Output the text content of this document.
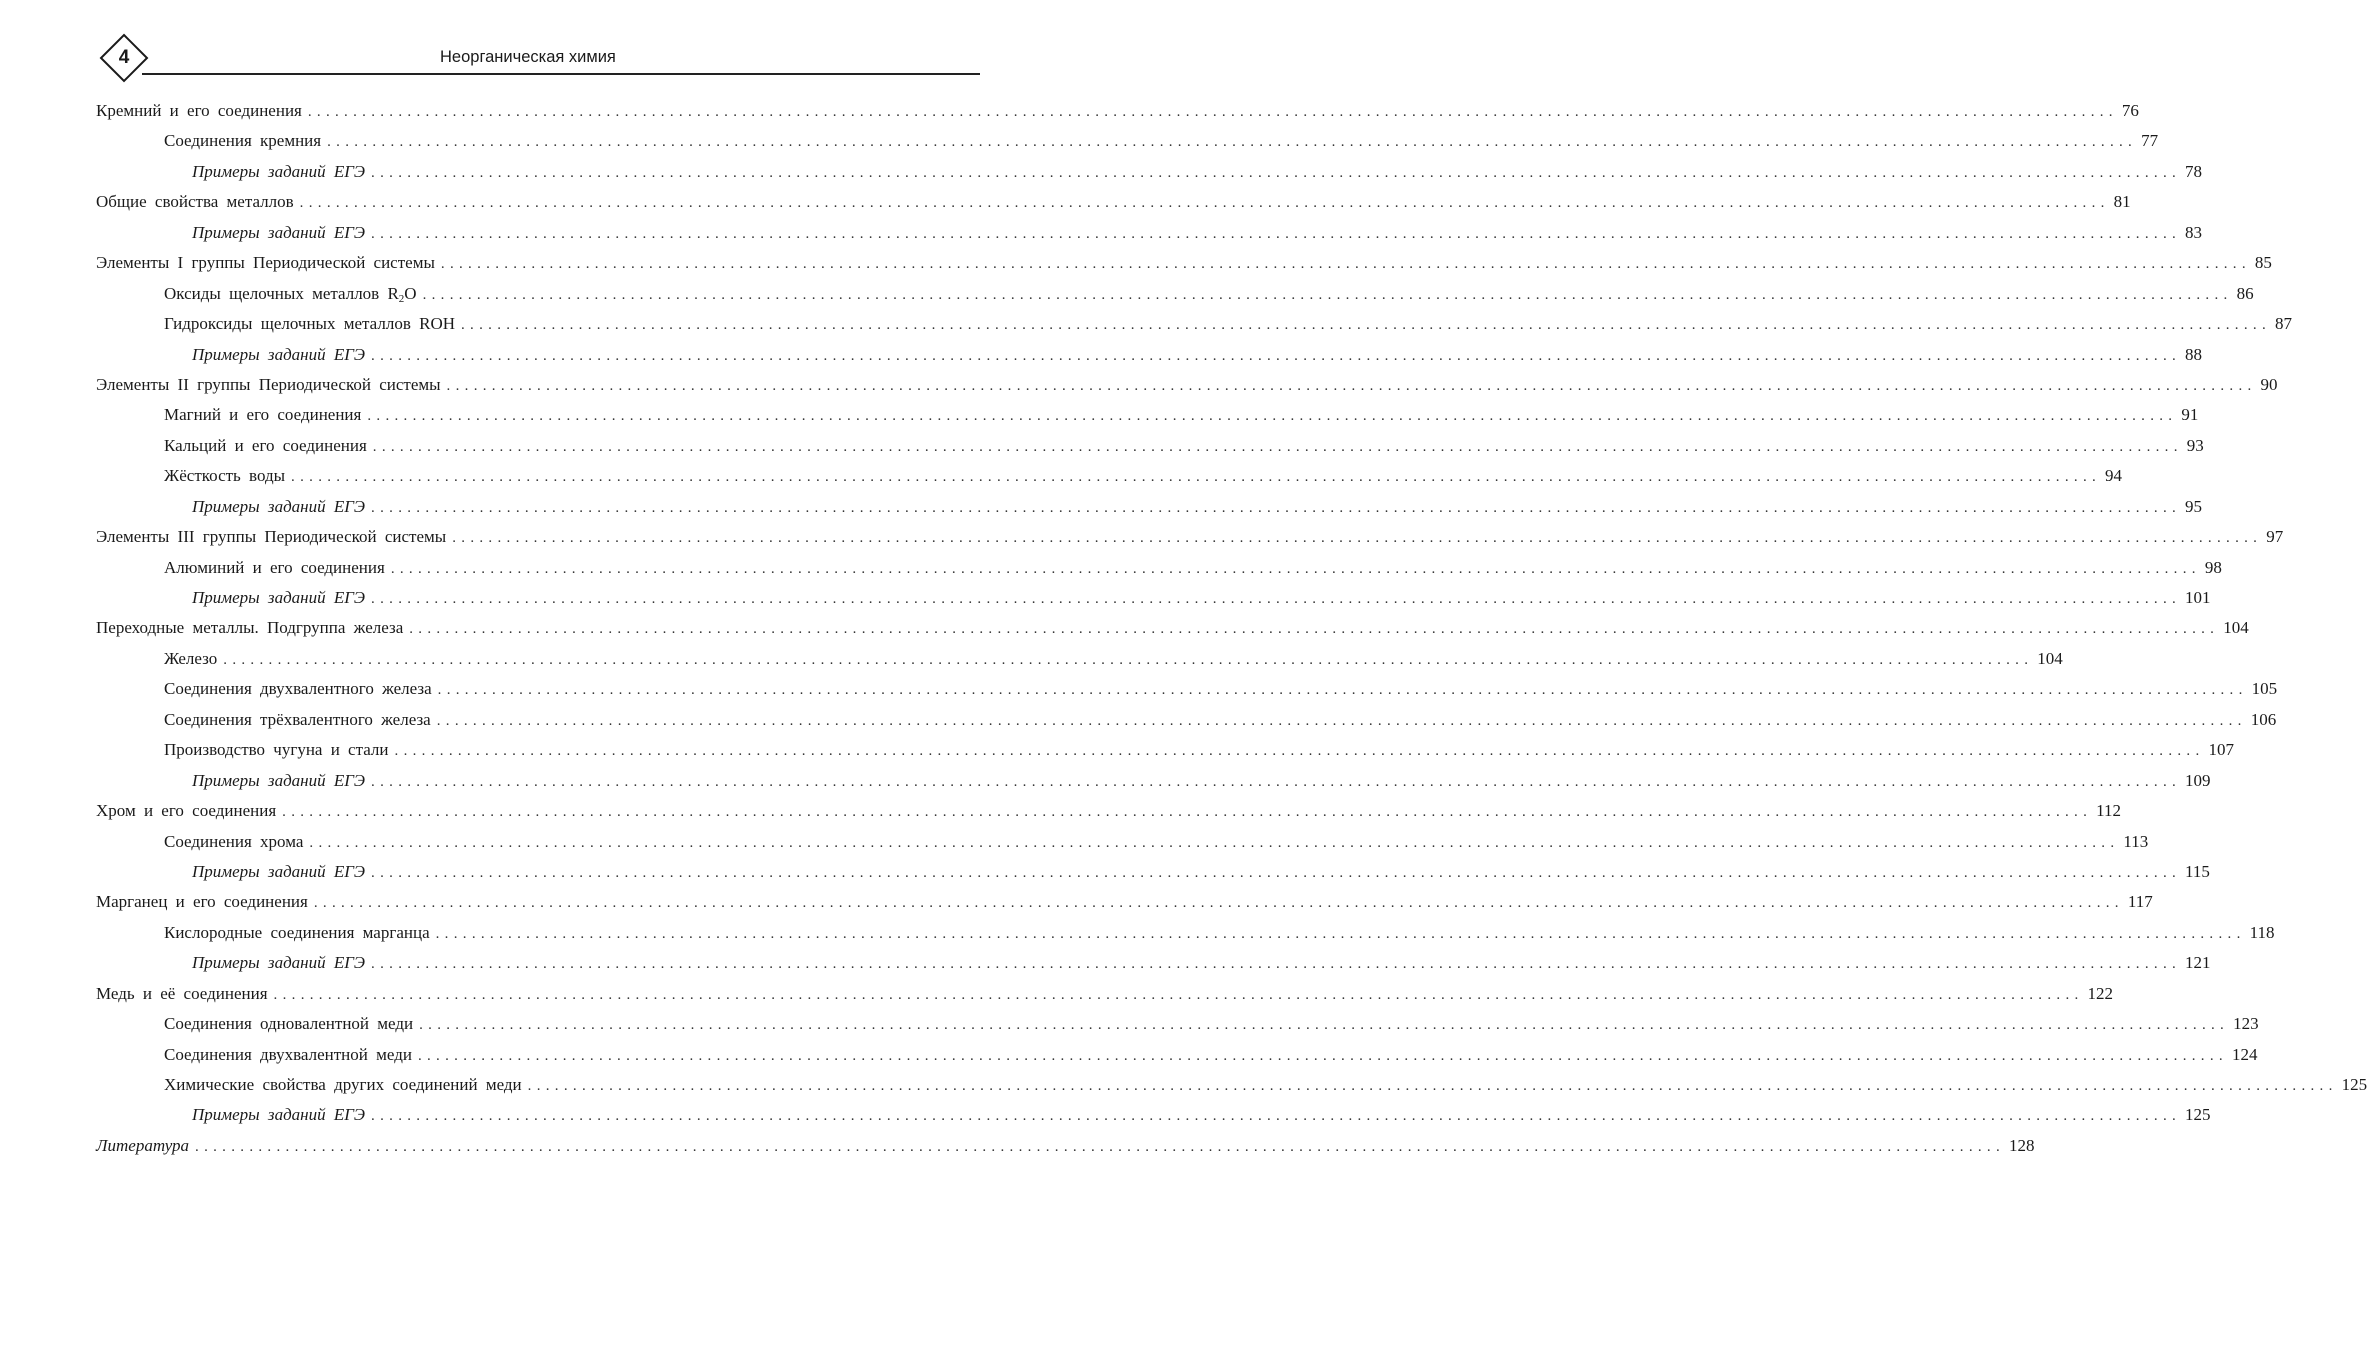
4	Неорганическая химия
Кремний и его соединения ........................................................................................................................................................................................................ 76
Соединения кремния ........................................................................................................................................................................................................ 77
Примеры заданий ЕГЭ ........................................................................................................................................................................................................ 78
Общие свойства металлов ........................................................................................................................................................................................................ 81
Примеры заданий ЕГЭ ........................................................................................................................................................................................................ 83
Элементы I группы Периодической системы ........................................................................................................................................................................................................ 85
Оксиды щелочных металлов $R_2O$ ........................................................................................................................................................................................................ 86
Гидроксиды щелочных металлов ROH ........................................................................................................................................................................................................ 87
Примеры заданий ЕГЭ ........................................................................................................................................................................................................ 88
Элементы II группы Периодической системы ........................................................................................................................................................................................................ 90
Магний и его соединения ........................................................................................................................................................................................................ 91
Кальций и его соединения ........................................................................................................................................................................................................ 93
Жёсткость воды ........................................................................................................................................................................................................ 94
Примеры заданий ЕГЭ ........................................................................................................................................................................................................ 95
Элементы III группы Периодической системы ........................................................................................................................................................................................................ 97
Алюминий и его соединения ........................................................................................................................................................................................................ 98
Примеры заданий ЕГЭ ........................................................................................................................................................................................................ 101
Переходные металлы. Подгруппа железа ........................................................................................................................................................................................................ 104
Железо ........................................................................................................................................................................................................ 104
Соединения двухвалентного железа ........................................................................................................................................................................................................ 105
Соединения трёхвалентного железа ........................................................................................................................................................................................................ 106
Производство чугуна и стали ........................................................................................................................................................................................................ 107
Примеры заданий ЕГЭ ........................................................................................................................................................................................................ 109
Хром и его соединения ........................................................................................................................................................................................................ 112
Соединения хрома ........................................................................................................................................................................................................ 113
Примеры заданий ЕГЭ ........................................................................................................................................................................................................ 115
Марганец и его соединения ........................................................................................................................................................................................................ 117
Кислородные соединения марганца ........................................................................................................................................................................................................ 118
Примеры заданий ЕГЭ ........................................................................................................................................................................................................ 121
Медь и её соединения ........................................................................................................................................................................................................ 122
Соединения одновалентной меди ........................................................................................................................................................................................................ 123
Соединения двухвалентной меди ........................................................................................................................................................................................................ 124
Химические свойства других соединений меди ........................................................................................................................................................................................................ 125
Примеры заданий ЕГЭ ........................................................................................................................................................................................................ 125
Литература ........................................................................................................................................................................................................ 128
